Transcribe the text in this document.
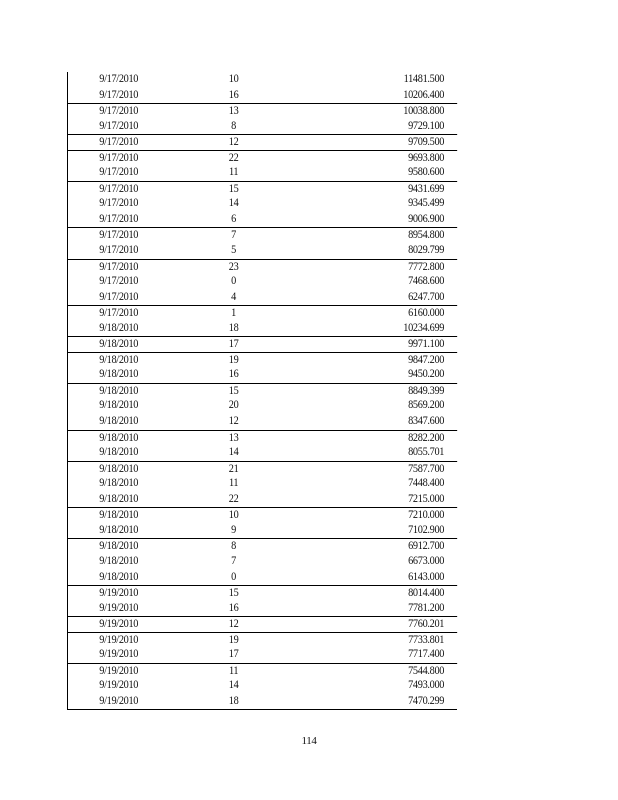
9/17/2010	10	11481.500
9/17/2010	16	10206.400
9/17/2010	13	10038.800
9/17/2010	8	9729.100
9/17/2010	12	9709.500
9/17/2010	22	9693.800
9/17/2010	11	9580.600
9/17/2010	15	9431.699
9/17/2010	14	9345.499
9/17/2010	6	9006.900
9/17/2010	7	8954.800
9/17/2010	5	8029.799
9/17/2010	23	7772.800
9/17/2010	0	7468.600
9/17/2010	4	6247.700
9/17/2010	1	6160.000
9/18/2010	18	10234.699
9/18/2010	17	9971.100
9/18/2010	19	9847.200
9/18/2010	16	9450.200
9/18/2010	15	8849.399
9/18/2010	20	8569.200
9/18/2010	12	8347.600
9/18/2010	13	8282.200
9/18/2010	14	8055.701
9/18/2010	21	7587.700
9/18/2010	11	7448.400
9/18/2010	22	7215.000
9/18/2010	10	7210.000
9/18/2010	9	7102.900
9/18/2010	8	6912.700
9/18/2010	7	6673.000
9/18/2010	0	6143.000
9/19/2010	15	8014.400
9/19/2010	16	7781.200
9/19/2010	12	7760.201
9/19/2010	19	7733.801
9/19/2010	17	7717.400
9/19/2010	11	7544.800
9/19/2010	14	7493.000
9/19/2010	18	7470.299
114
